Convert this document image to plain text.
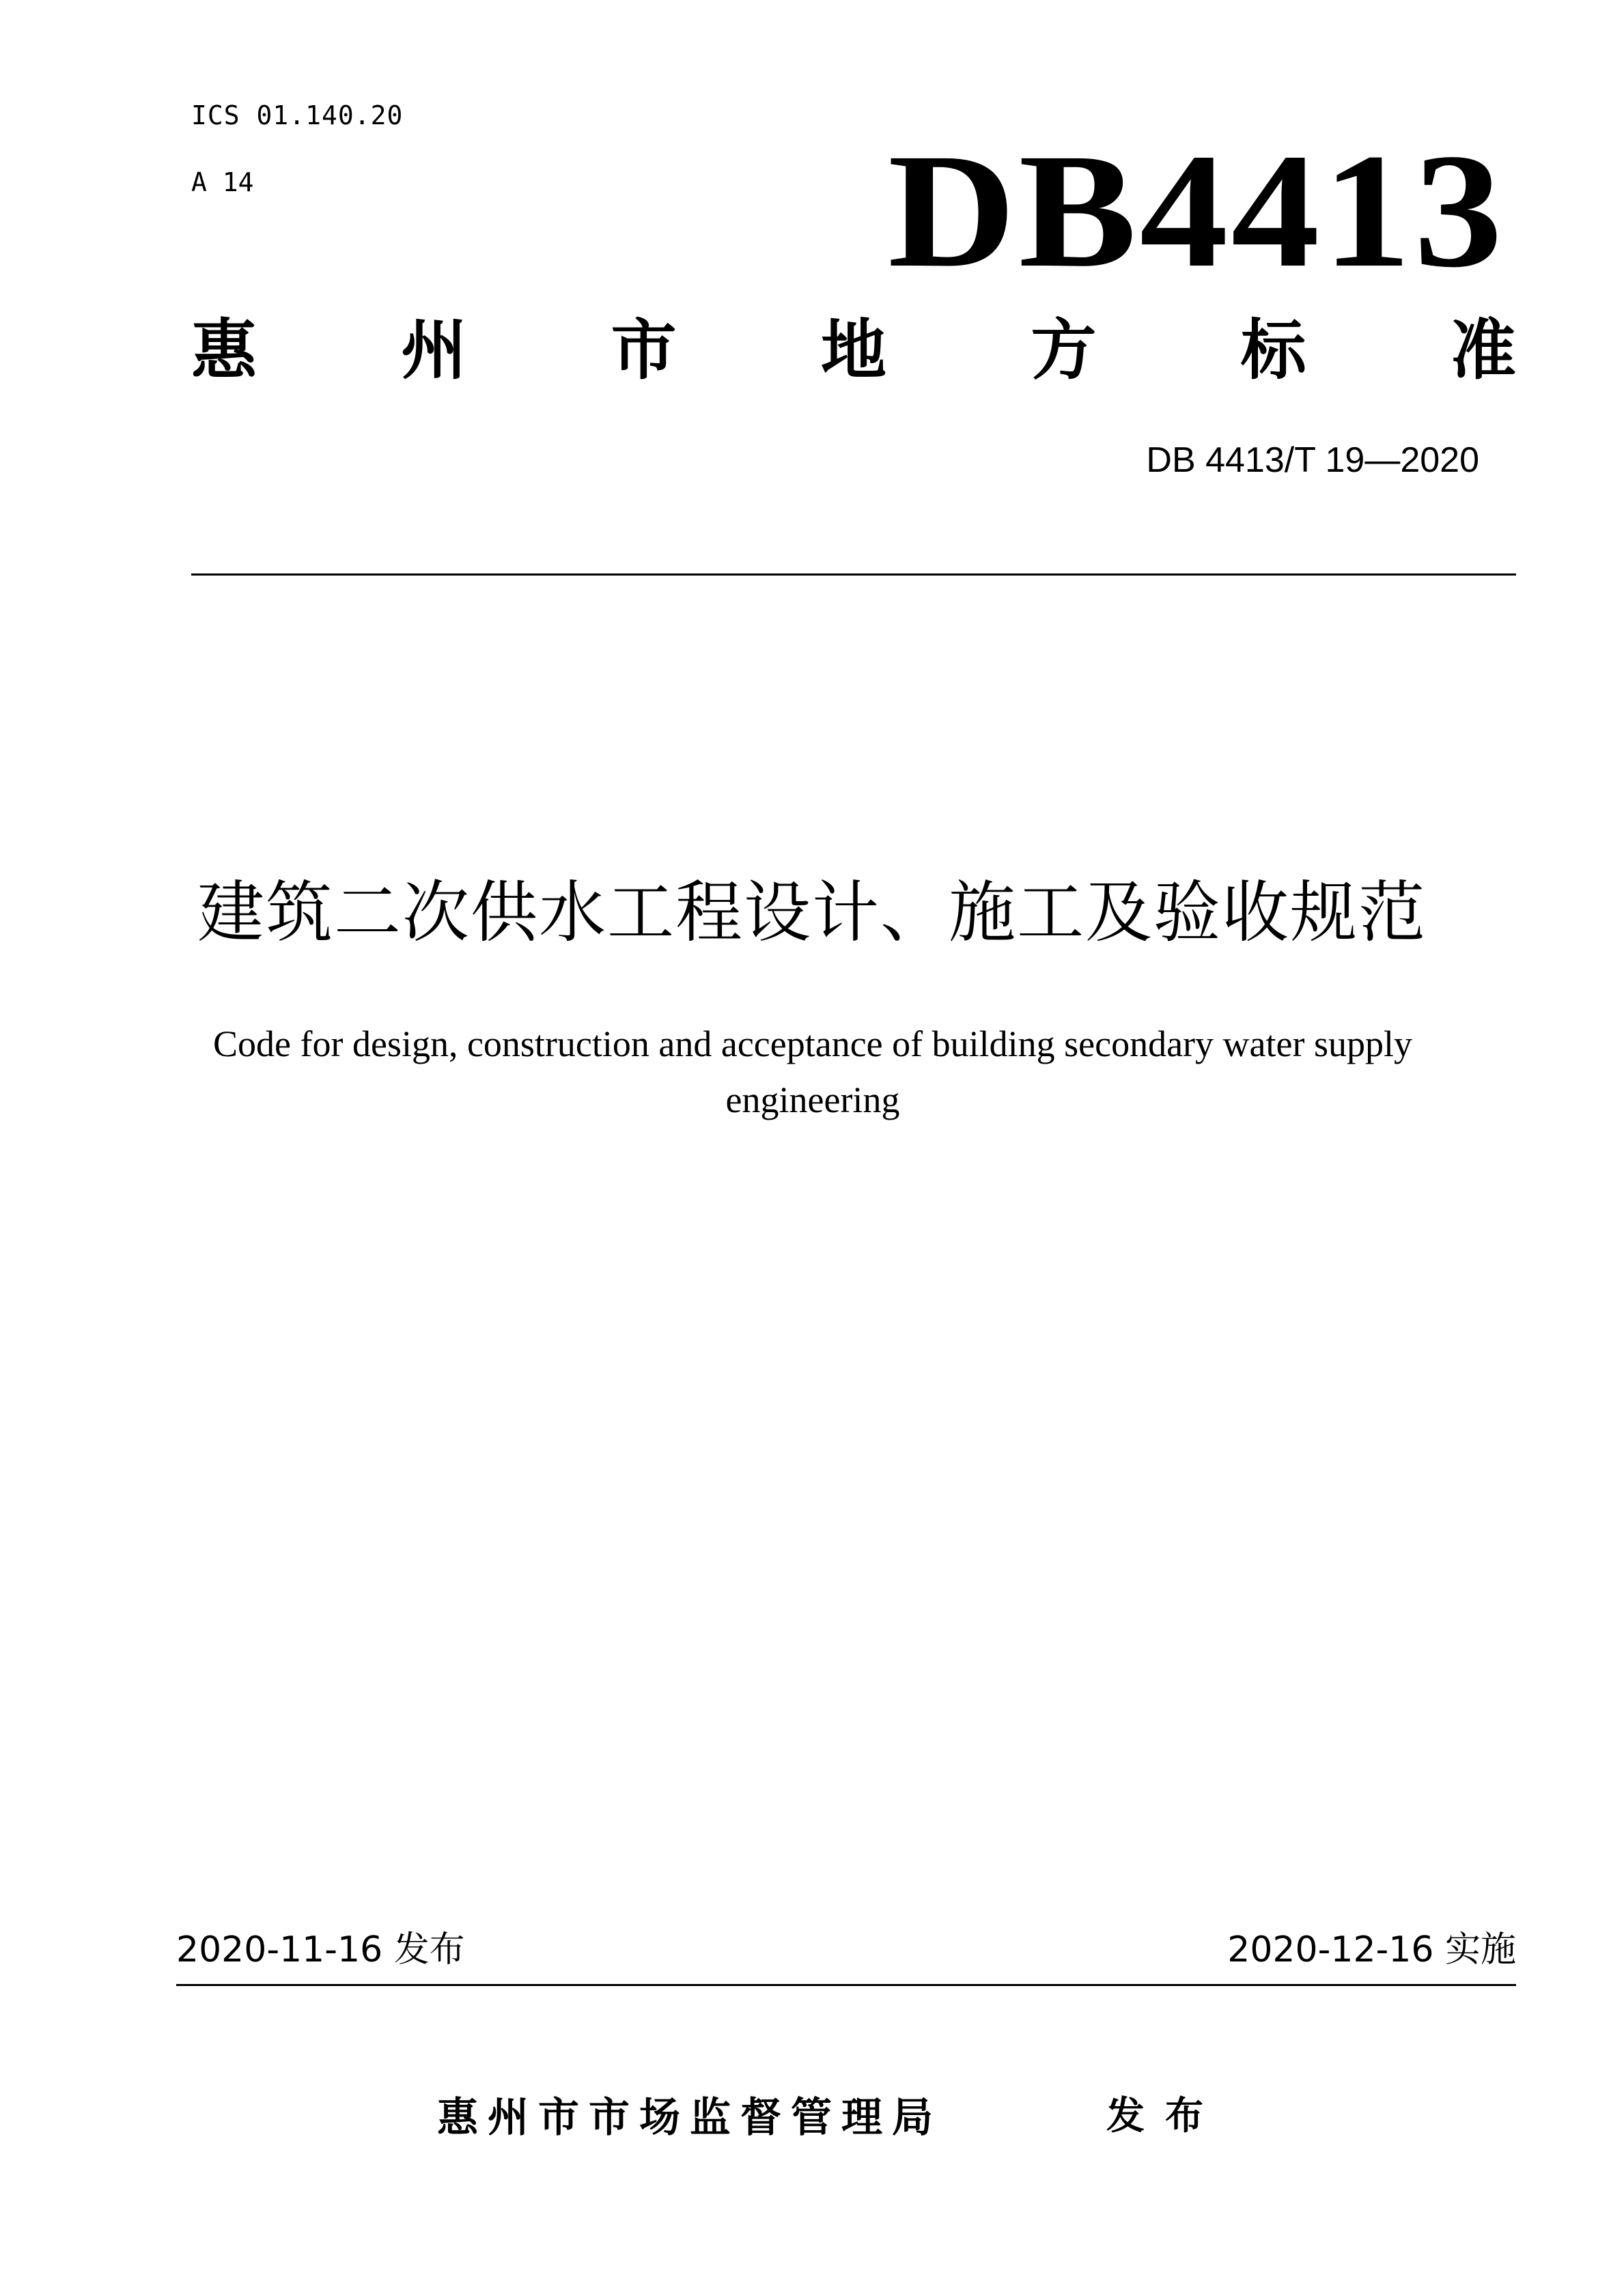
ICS 01.140.20
A 14	DB4413
惠 州 市 地 方 标 准
DB 4413/T 19—2020
建筑二次供水工程设计、施工及验收规范
Code for design, construction and acceptance of building secondary water supply
engineering
2020-11-16 发布	2020-12-16 实施
惠州市市场监督管理局	发布
